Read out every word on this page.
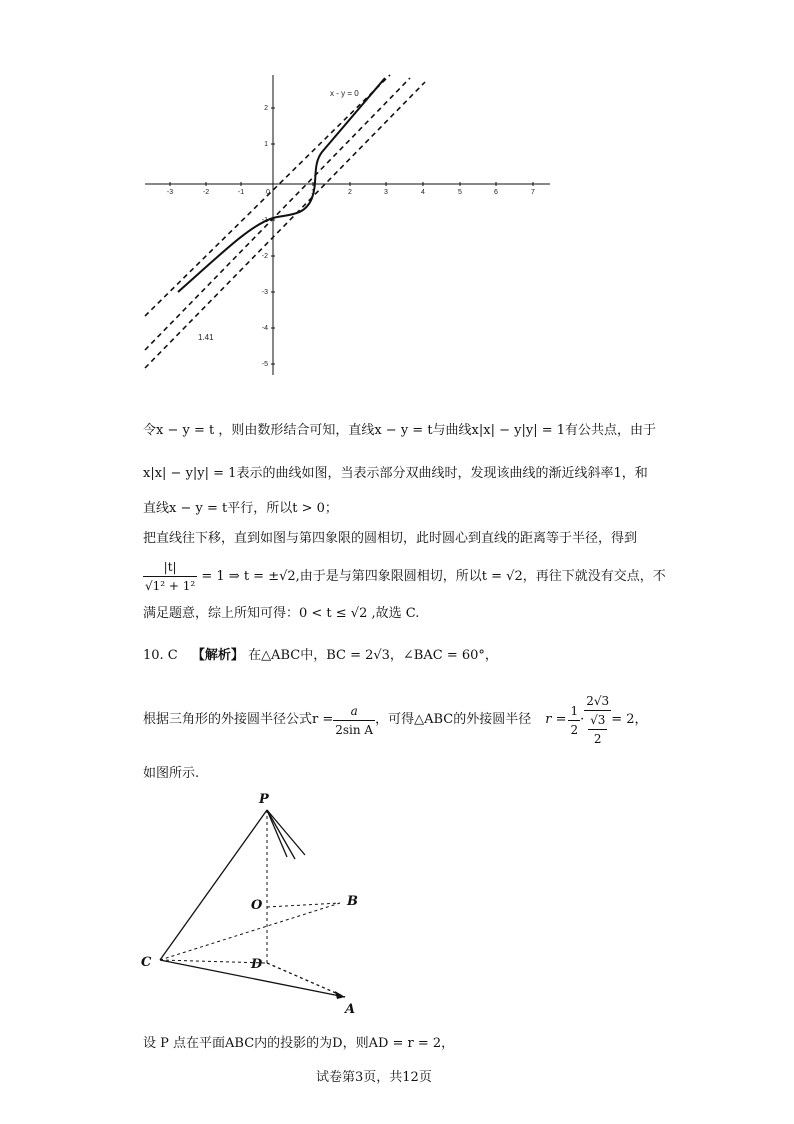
-3	-2	-1	0	1	2	3	4	5	6	7
2
1
-1
-2
-3
-4
-5
x - y = 0
1.41
令x − y = t ，则由数形结合可知，直线x − y = t与曲线x|x| − y|y| = 1有公共点，由于
x|x| − y|y| = 1表示的曲线如图，当表示部分双曲线时，发现该曲线的渐近线斜率1，和
直线x − y = t平行，所以t > 0；
把直线往下移，直到如图与第四象限的圆相切，此时圆心到直线的距离等于半径，得到
$\frac{|t|}{\text{√1² + 1²}} = 1$ ⇒ t = ±√2,由于是与第四象限圆相切，所以t = √2，再往下就没有交点，不
满足题意，综上所知可得：0 < t ≤ √2 ,故选 C.
10. C 【解析】 在△ABC中，BC = 2√3，∠BAC = 60°，
根据三角形的外接圆半径公式$r = \frac{a}{\text{2sin A}}$ ，可得△ABC的外接圆半径 $r = \frac{1}{2} \cdot \frac{2√3}{\frac{√3}{2}} = 2$，
如图所示.
P
O	B
C	D
A
设 P 点在平面ABC内的投影的为D，则AD = r = 2，
试卷第3页，共12页
